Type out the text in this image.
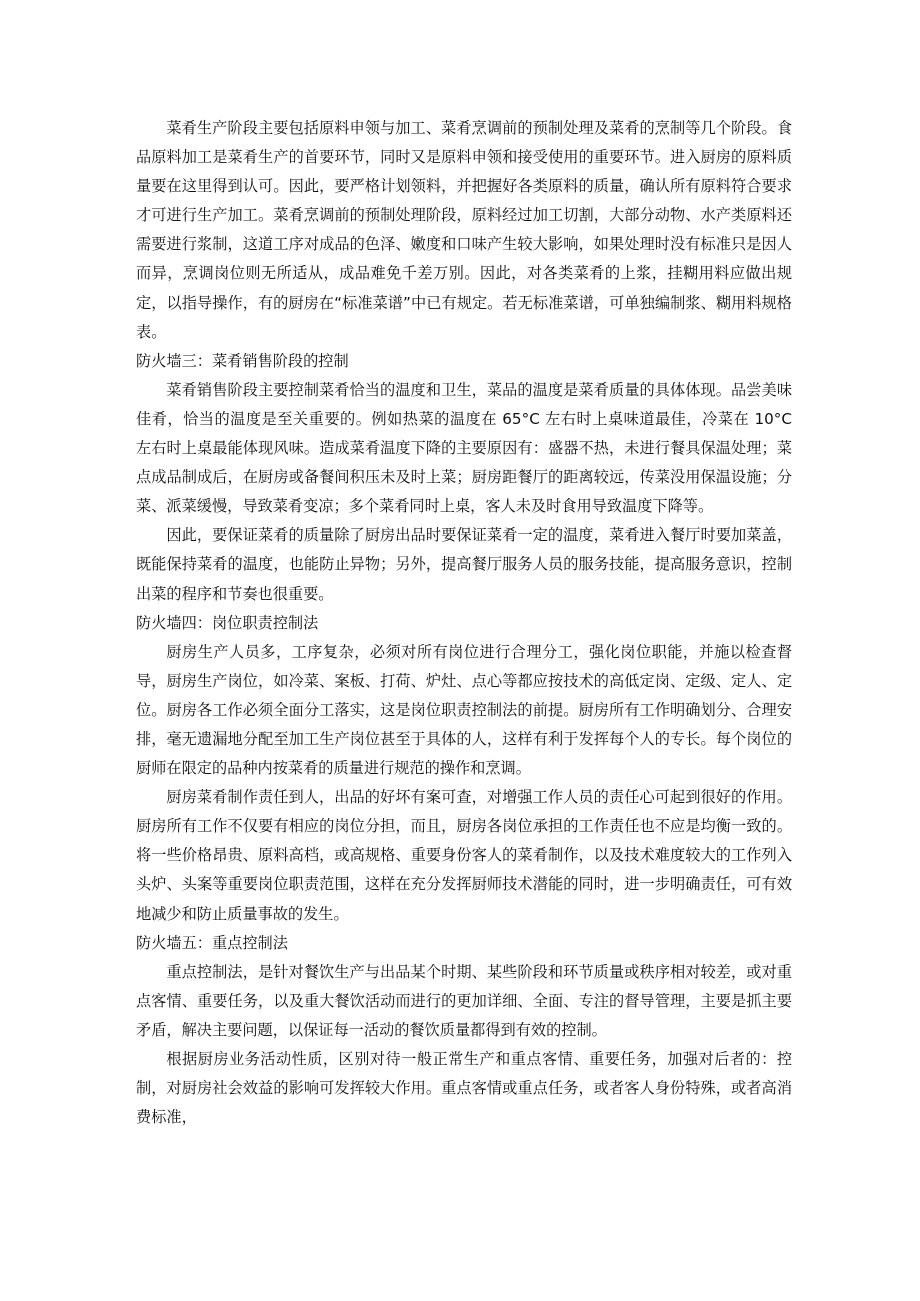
菜肴生产阶段主要包括原料申领与加工、菜肴烹调前的预制处理及菜肴的烹制等几个阶段。食品原料加工是菜肴生产的首要环节，同时又是原料申领和接受使用的重要环节。进入厨房的原料质量要在这里得到认可。因此，要严格计划领料，并把握好各类原料的质量，确认所有原料符合要求才可进行生产加工。菜肴烹调前的预制处理阶段，原料经过加工切割，大部分动物、水产类原料还需要进行浆制，这道工序对成品的色泽、嫩度和口味产生较大影响，如果处理时没有标准只是因人而异，烹调岗位则无所适从，成品难免千差万别。因此，对各类菜肴的上浆，挂糊用料应做出规定，以指导操作，有的厨房在“标准菜谱”中已有规定。若无标准菜谱，可单独编制浆、糊用料规格表。

防火墙三：菜肴销售阶段的控制

菜肴销售阶段主要控制菜肴恰当的温度和卫生，菜品的温度是菜肴质量的具体体现。品尝美味佳肴，恰当的温度是至关重要的。例如热菜的温度在 65°C 左右时上桌味道最佳，冷菜在 10°C 左右时上桌最能体现风味。造成菜肴温度下降的主要原因有：盛器不热，未进行餐具保温处理；菜点成品制成后，在厨房或备餐间积压未及时上菜；厨房距餐厅的距离较远，传菜没用保温设施；分菜、派菜缓慢，导致菜肴变凉；多个菜肴同时上桌，客人未及时食用导致温度下降等。

因此，要保证菜肴的质量除了厨房出品时要保证菜肴一定的温度，菜肴进入餐厅时要加菜盖，既能保持菜肴的温度，也能防止异物；另外，提高餐厅服务人员的服务技能，提高服务意识，控制出菜的程序和节奏也很重要。

防火墙四：岗位职责控制法

厨房生产人员多，工序复杂，必须对所有岗位进行合理分工，强化岗位职能，并施以检查督导，厨房生产岗位，如冷菜、案板、打荷、炉灶、点心等都应按技术的高低定岗、定级、定人、定位。厨房各工作必须全面分工落实，这是岗位职责控制法的前提。厨房所有工作明确划分、合理安排，毫无遗漏地分配至加工生产岗位甚至于具体的人，这样有利于发挥每个人的专长。每个岗位的厨师在限定的品种内按菜肴的质量进行规范的操作和烹调。

厨房菜肴制作责任到人，出品的好坏有案可查，对增强工作人员的责任心可起到很好的作用。厨房所有工作不仅要有相应的岗位分担，而且，厨房各岗位承担的工作责任也不应是均衡一致的。将一些价格昂贵、原料高档，或高规格、重要身份客人的菜肴制作，以及技术难度较大的工作列入头炉、头案等重要岗位职责范围，这样在充分发挥厨师技术潜能的同时，进一步明确责任，可有效地减少和防止质量事故的发生。

防火墙五：重点控制法

重点控制法，是针对餐饮生产与出品某个时期、某些阶段和环节质量或秩序相对较差，或对重点客情、重要任务，以及重大餐饮活动而进行的更加详细、全面、专注的督导管理，主要是抓主要矛盾，解决主要问题，以保证每一活动的餐饮质量都得到有效的控制。

根据厨房业务活动性质，区别对待一般正常生产和重点客情、重要任务，加强对后者的：控制，对厨房社会效益的影响可发挥较大作用。重点客情或重点任务，或者客人身份特殊，或者高消费标准，
